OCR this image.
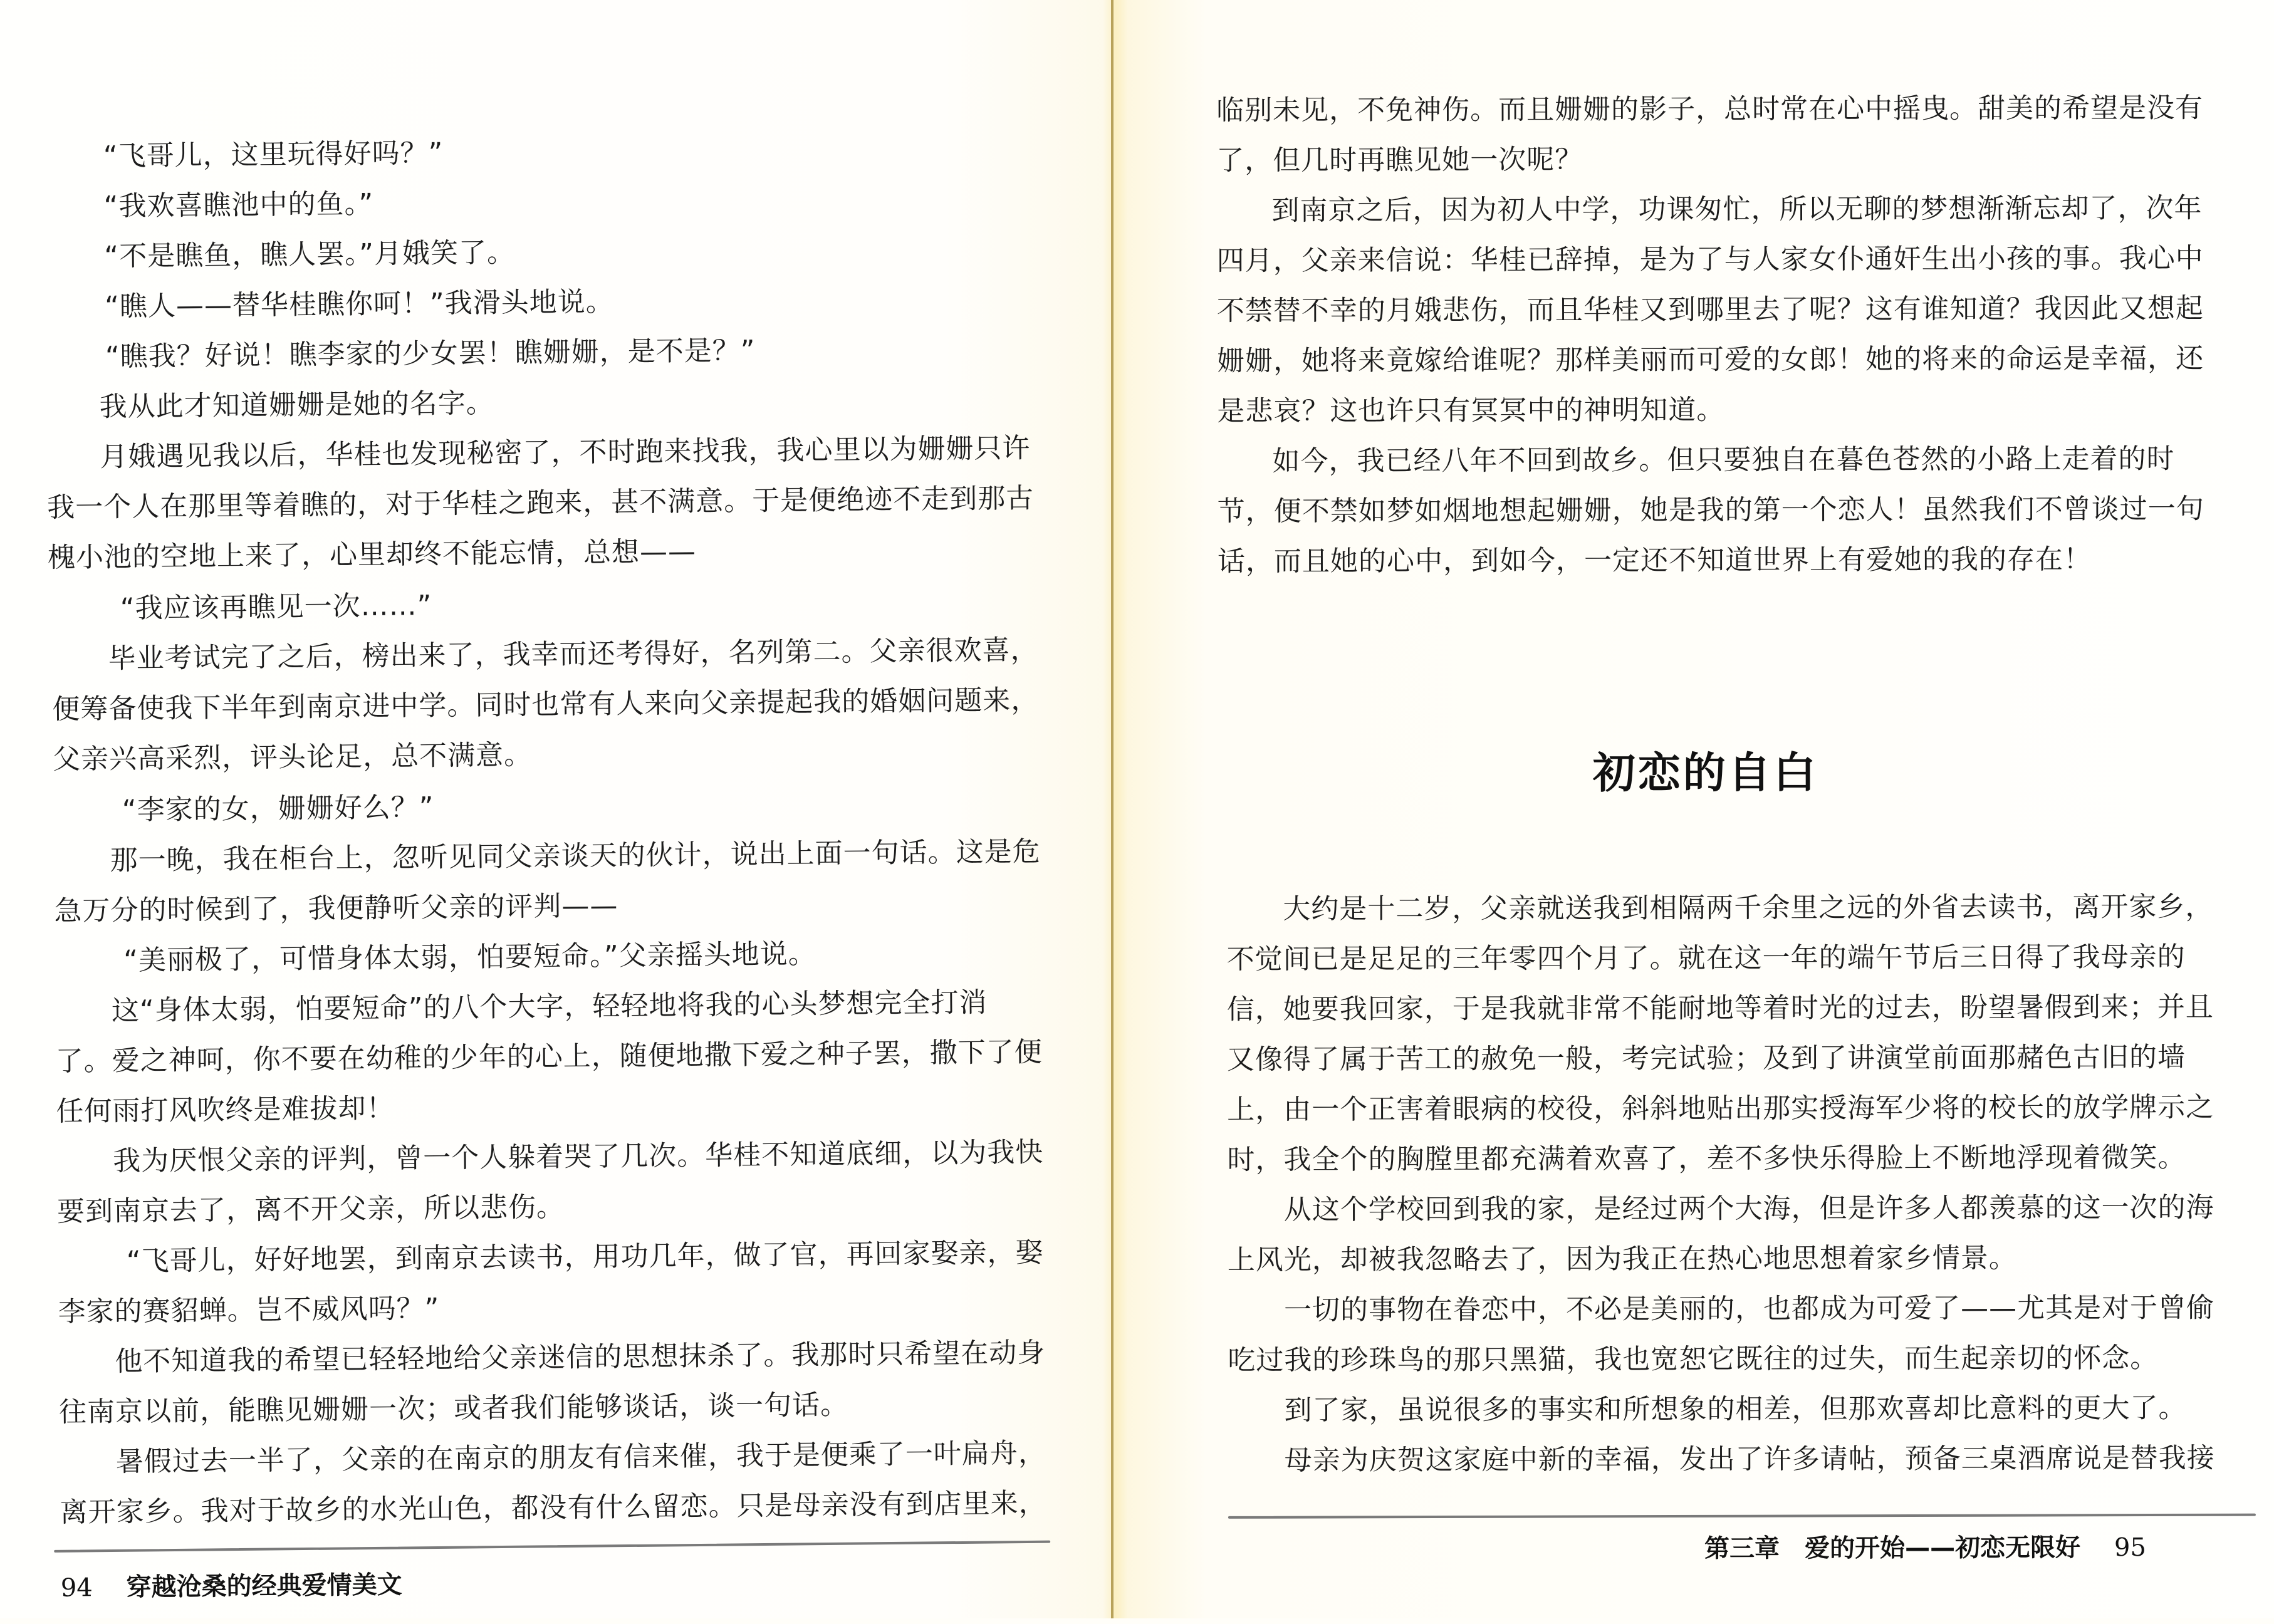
“飞哥儿，这里玩得好吗？”
“我欢喜瞧池中的鱼。”
“不是瞧鱼，瞧人罢。”月娥笑了。
“瞧人——替华桂瞧你呵！”我滑头地说。
“瞧我？好说！瞧李家的少女罢！瞧姗姗，是不是？”
我从此才知道姗姗是她的名字。
月娥遇见我以后，华桂也发现秘密了，不时跑来找我，我心里以为姗姗只许
我一个人在那里等着瞧的，对于华桂之跑来，甚不满意。于是便绝迹不走到那古
槐小池的空地上来了，心里却终不能忘情，总想——
“我应该再瞧见一次……”
毕业考试完了之后，榜出来了，我幸而还考得好，名列第二。父亲很欢喜，
便筹备使我下半年到南京进中学。同时也常有人来向父亲提起我的婚姻问题来，
父亲兴高采烈，评头论足，总不满意。
“李家的女，姗姗好么？”
那一晚，我在柜台上，忽听见同父亲谈天的伙计，说出上面一句话。这是危
急万分的时候到了，我便静听父亲的评判——
“美丽极了，可惜身体太弱，怕要短命。”父亲摇头地说。
这“身体太弱，怕要短命”的八个大字，轻轻地将我的心头梦想完全打消
了。爱之神呵，你不要在幼稚的少年的心上，随便地撒下爱之种子罢，撒下了便
任何雨打风吹终是难拔却！
我为厌恨父亲的评判，曾一个人躲着哭了几次。华桂不知道底细，以为我快
要到南京去了，离不开父亲，所以悲伤。
“飞哥儿，好好地罢，到南京去读书，用功几年，做了官，再回家娶亲，娶
李家的赛貂蝉。岂不威风吗？”
他不知道我的希望已轻轻地给父亲迷信的思想抹杀了。我那时只希望在动身
往南京以前，能瞧见姗姗一次；或者我们能够谈话，谈一句话。
暑假过去一半了，父亲的在南京的朋友有信来催，我于是便乘了一叶扁舟，
离开家乡。我对于故乡的水光山色，都没有什么留恋。只是母亲没有到店里来，
94 穿越沧桑的经典爱情美文
临别未见，不免神伤。而且姗姗的影子，总时常在心中摇曳。甜美的希望是没有
了，但几时再瞧见她一次呢？
到南京之后，因为初人中学，功课匆忙，所以无聊的梦想渐渐忘却了，次年
四月，父亲来信说：华桂已辞掉，是为了与人家女仆通奸生出小孩的事。我心中
不禁替不幸的月娥悲伤，而且华桂又到哪里去了呢？这有谁知道？我因此又想起
姗姗，她将来竟嫁给谁呢？那样美丽而可爱的女郎！她的将来的命运是幸福，还
是悲哀？这也许只有冥冥中的神明知道。
如今，我已经八年不回到故乡。但只要独自在暮色苍然的小路上走着的时
节，便不禁如梦如烟地想起姗姗，她是我的第一个恋人！虽然我们不曾谈过一句
话，而且她的心中，到如今，一定还不知道世界上有爱她的我的存在！
初恋的自白
大约是十二岁，父亲就送我到相隔两千余里之远的外省去读书，离开家乡，
不觉间已是足足的三年零四个月了。就在这一年的端午节后三日得了我母亲的
信，她要我回家，于是我就非常不能耐地等着时光的过去，盼望暑假到来；并且
又像得了属于苦工的赦免一般，考完试验；及到了讲演堂前面那赭色古旧的墙
上，由一个正害着眼病的校役，斜斜地贴出那实授海军少将的校长的放学牌示之
时，我全个的胸膛里都充满着欢喜了，差不多快乐得脸上不断地浮现着微笑。
从这个学校回到我的家，是经过两个大海，但是许多人都羡慕的这一次的海
上风光，却被我忽略去了，因为我正在热心地思想着家乡情景。
一切的事物在眷恋中，不必是美丽的，也都成为可爱了——尤其是对于曾偷
吃过我的珍珠鸟的那只黑猫，我也宽恕它既往的过失，而生起亲切的怀念。
到了家，虽说很多的事实和所想象的相差，但那欢喜却比意料的更大了。
母亲为庆贺这家庭中新的幸福，发出了许多请帖，预备三桌酒席说是替我接
第三章　爱的开始——初恋无限好 95
